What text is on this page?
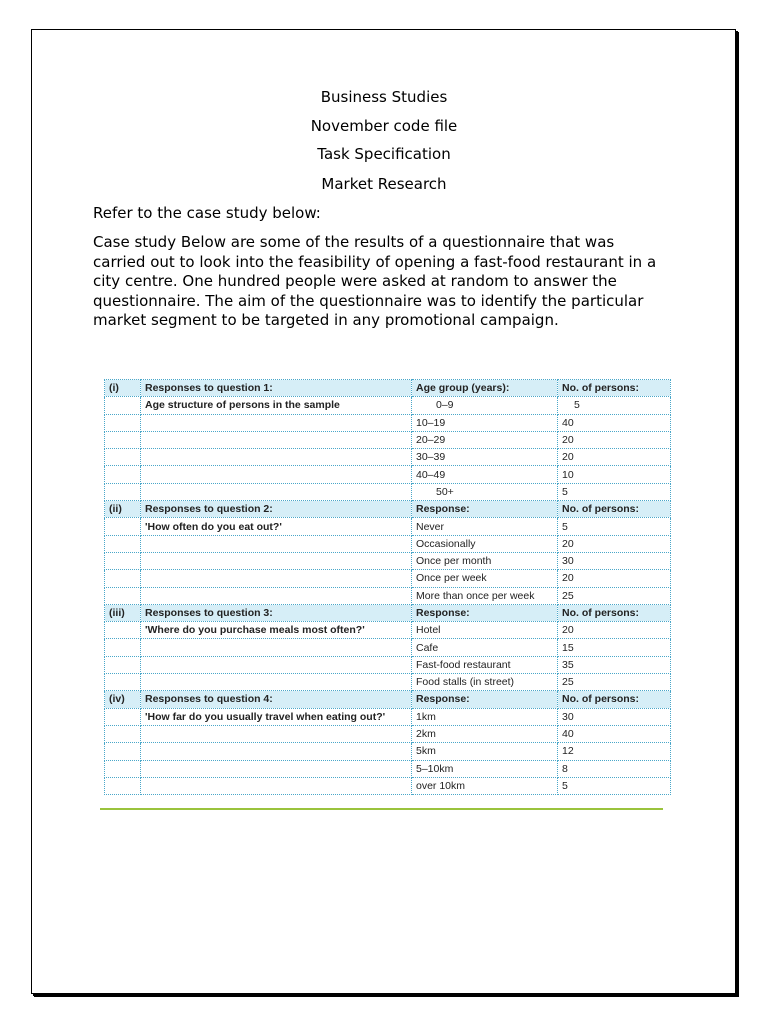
Business Studies
November code file
Task Specification
Market Research
Refer to the case study below:
Case study Below are some of the results of a questionnaire that was carried out to look into the feasibility of opening a fast-food restaurant in a city centre. One hundred people were asked at random to answer the questionnaire. The aim of the questionnaire was to identify the particular market segment to be targeted in any promotional campaign.
(i)	Responses to question 1:	Age group (years):	No. of persons:
	Age structure of persons in the sample	0–9	5
		10–19	40
		20–29	20
		30–39	20
		40–49	10
		50+	5
(ii)	Responses to question 2:	Response:	No. of persons:
	'How often do you eat out?'	Never	5
		Occasionally	20
		Once per month	30
		Once per week	20
		More than once per week	25
(iii)	Responses to question 3:	Response:	No. of persons:
	'Where do you purchase meals most often?'	Hotel	20
		Cafe	15
		Fast-food restaurant	35
		Food stalls (in street)	25
(iv)	Responses to question 4:	Response:	No. of persons:
	'How far do you usually travel when eating out?'	1km	30
		2km	40
		5km	12
		5–10km	8
		over 10km	5
